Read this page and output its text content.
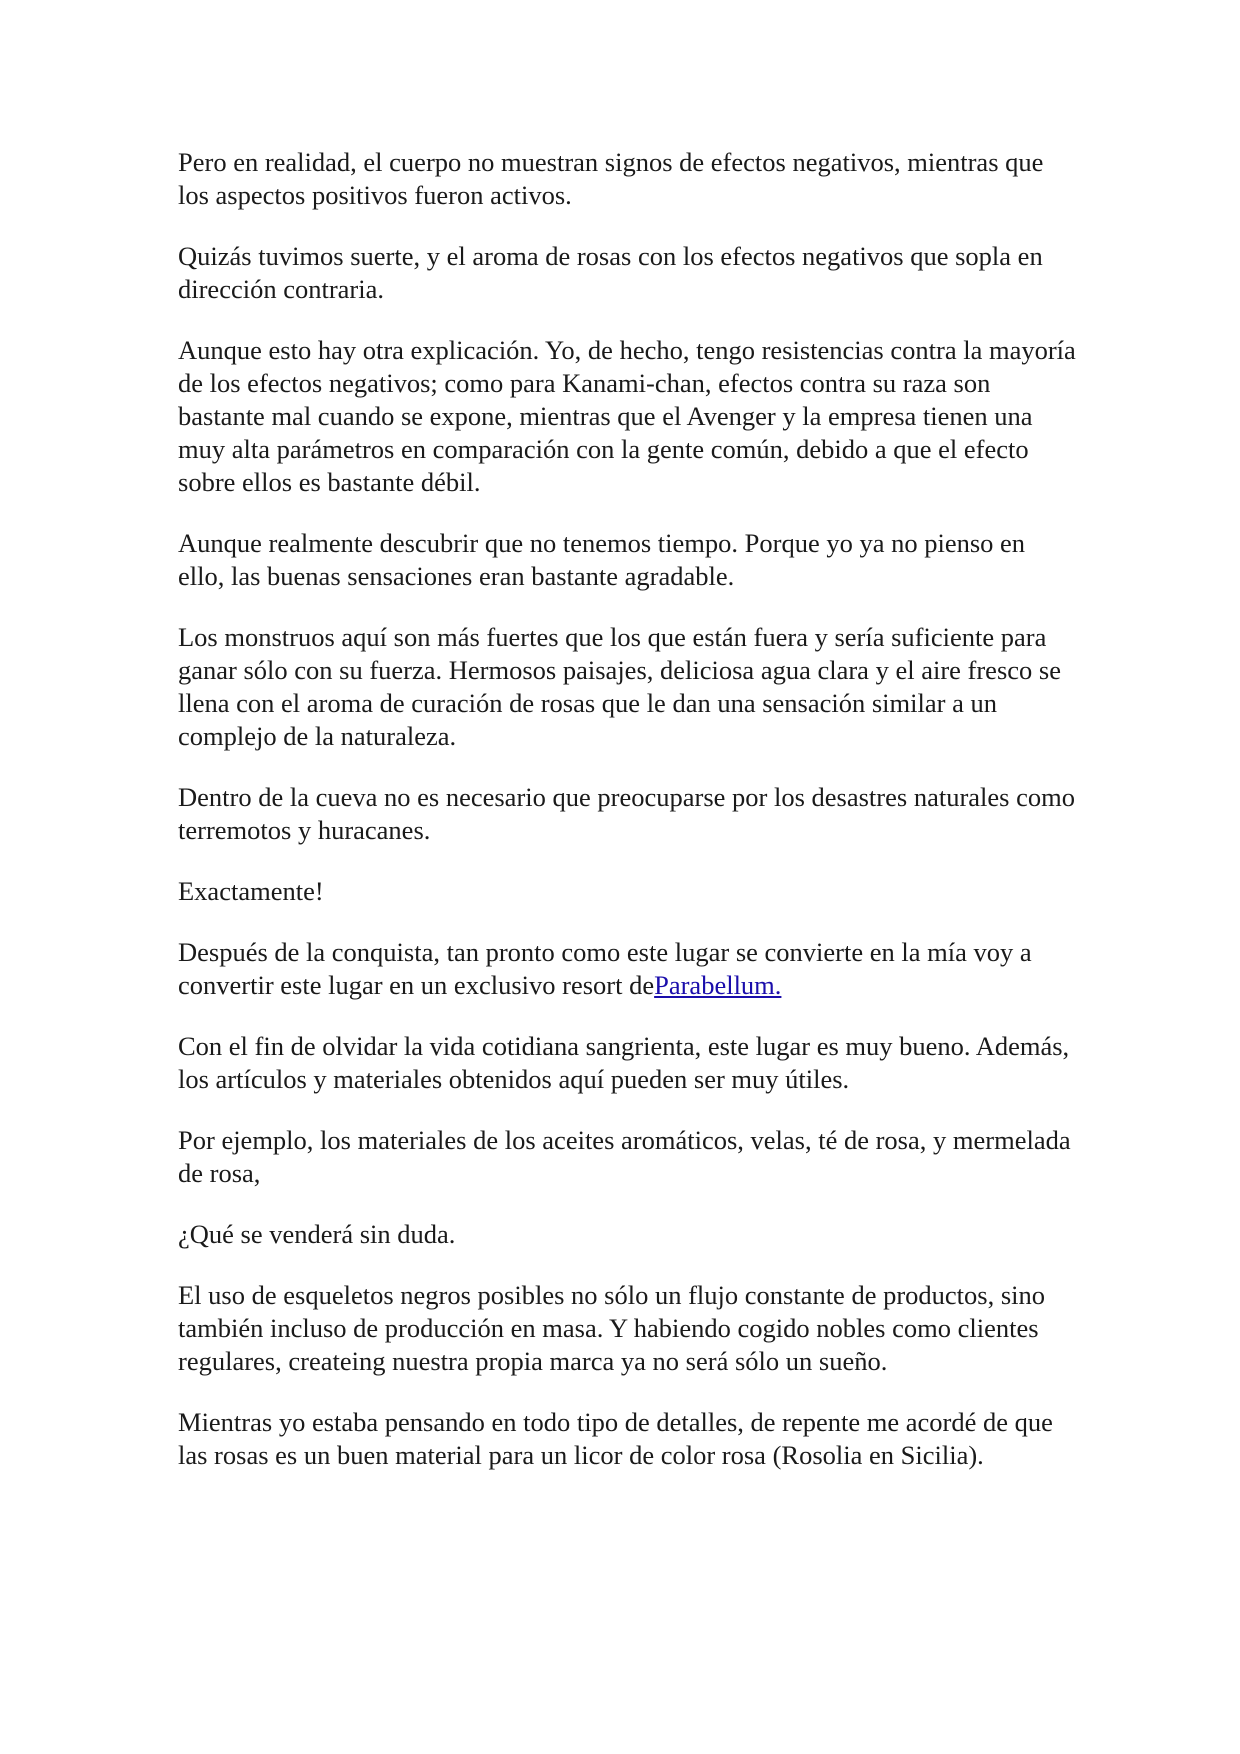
Pero en realidad, el cuerpo no muestran signos de efectos negativos, mientras que los aspectos positivos fueron activos.

Quizás tuvimos suerte, y el aroma de rosas con los efectos negativos que sopla en dirección contraria.

Aunque esto hay otra explicación. Yo, de hecho, tengo resistencias contra la mayoría de los efectos negativos; como para Kanami-chan, efectos contra su raza son bastante mal cuando se expone, mientras que el Avenger y la empresa tienen una muy alta parámetros en comparación con la gente común, debido a que el efecto sobre ellos es bastante débil.

Aunque realmente descubrir que no tenemos tiempo. Porque yo ya no pienso en ello, las buenas sensaciones eran bastante agradable.

Los monstruos aquí son más fuertes que los que están fuera y sería suficiente para ganar sólo con su fuerza. Hermosos paisajes, deliciosa agua clara y el aire fresco se llena con el aroma de curación de rosas que le dan una sensación similar a un complejo de la naturaleza.

Dentro de la cueva no es necesario que preocuparse por los desastres naturales como terremotos y huracanes.

Exactamente!

Después de la conquista, tan pronto como este lugar se convierte en la mía voy a convertir este lugar en un exclusivo resort deParabellum.

Con el fin de olvidar la vida cotidiana sangrienta, este lugar es muy bueno. Además, los artículos y materiales obtenidos aquí pueden ser muy útiles.

Por ejemplo, los materiales de los aceites aromáticos, velas, té de rosa, y mermelada de rosa,

¿Qué se venderá sin duda.

El uso de esqueletos negros posibles no sólo un flujo constante de productos, sino también incluso de producción en masa. Y habiendo cogido nobles como clientes regulares, createing nuestra propia marca ya no será sólo un sueño.

Mientras yo estaba pensando en todo tipo de detalles, de repente me acordé de que las rosas es un buen material para un licor de color rosa (Rosolia en Sicilia).
